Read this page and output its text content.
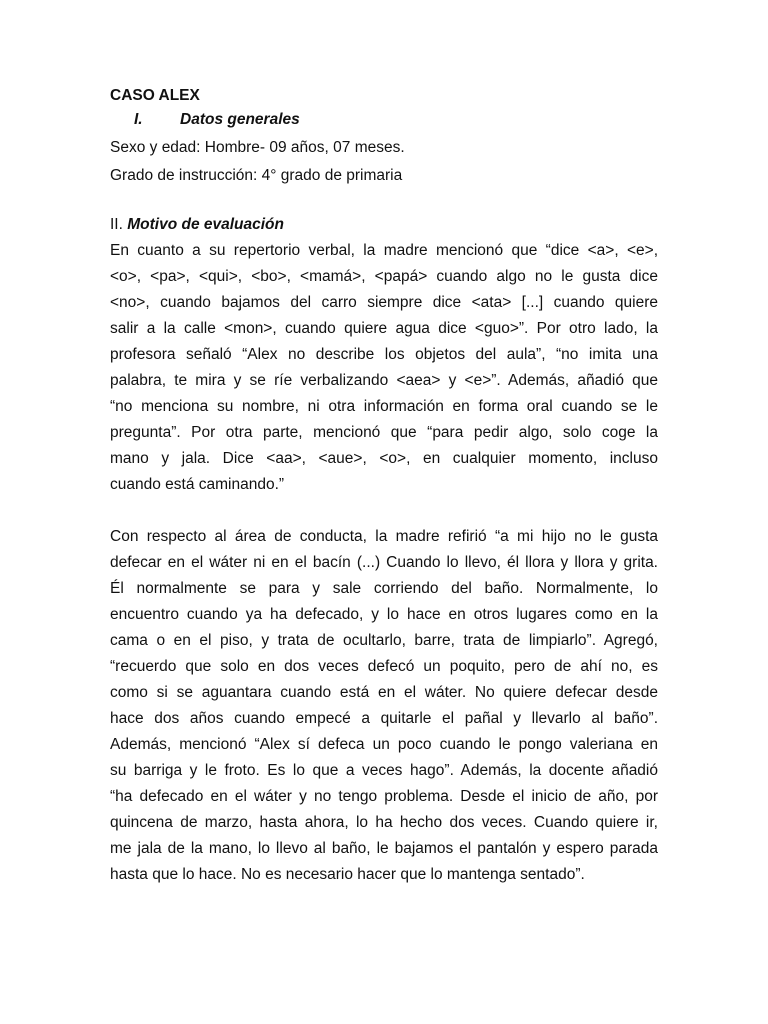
CASO ALEX

I. Datos generales

Sexo y edad: Hombre- 09 años, 07 meses.

Grado de instrucción: 4° grado de primaria

II. Motivo de evaluación

En cuanto a su repertorio verbal, la madre mencionó que “dice <a>, <e>,
<o>, <pa>, <qui>, <bo>, <mamá>, <papá> cuando algo no le gusta dice
<no>, cuando bajamos del carro siempre dice <ata> [...] cuando quiere
salir a la calle <mon>, cuando quiere agua dice <guo>”. Por otro lado, la
profesora señaló “Alex no describe los objetos del aula”, “no imita una
palabra, te mira y se ríe verbalizando <aea> y <e>”. Además, añadió que
“no menciona su nombre, ni otra información en forma oral cuando se le
pregunta”. Por otra parte, mencionó que “para pedir algo, solo coge la
mano y jala. Dice <aa>, <aue>, <o>, en cualquier momento, incluso
cuando está caminando.”
Con respecto al área de conducta, la madre refirió “a mi hijo no le gusta
defecar en el wáter ni en el bacín (...) Cuando lo llevo, él llora y llora y grita.
Él normalmente se para y sale corriendo del baño. Normalmente, lo
encuentro cuando ya ha defecado, y lo hace en otros lugares como en la
cama o en el piso, y trata de ocultarlo, barre, trata de limpiarlo”. Agregó,
“recuerdo que solo en dos veces defecó un poquito, pero de ahí no, es
como si se aguantara cuando está en el wáter. No quiere defecar desde
hace dos años cuando empecé a quitarle el pañal y llevarlo al baño”.
Además, mencionó “Alex sí defeca un poco cuando le pongo valeriana en
su barriga y le froto. Es lo que a veces hago”. Además, la docente añadió
“ha defecado en el wáter y no tengo problema. Desde el inicio de año, por
quincena de marzo, hasta ahora, lo ha hecho dos veces. Cuando quiere ir,
me jala de la mano, lo llevo al baño, le bajamos el pantalón y espero parada
hasta que lo hace. No es necesario hacer que lo mantenga sentado”.
